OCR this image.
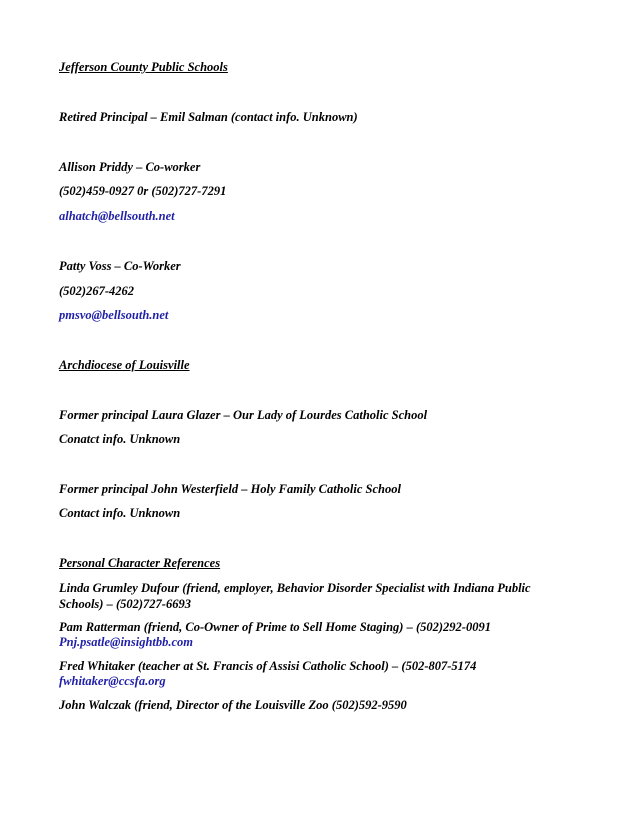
Jefferson County Public Schools
Retired Principal – Emil Salman (contact info. Unknown)
Allison Priddy – Co-worker
(502)459-0927 0r (502)727-7291
alhatch@bellsouth.net
Patty Voss – Co-Worker
(502)267-4262
pmsvo@bellsouth.net
Archdiocese of Louisville
Former principal Laura Glazer – Our Lady of Lourdes Catholic School
Conatct info. Unknown
Former principal John Westerfield – Holy Family Catholic School
Contact info. Unknown
Personal Character References
Linda Grumley Dufour (friend, employer, Behavior Disorder Specialist with Indiana Public Schools) – (502)727-6693
Pam Ratterman (friend, Co-Owner of Prime to Sell Home Staging) – (502)292-0091
Pnj.psatle@insightbb.com
Fred Whitaker (teacher at St. Francis of Assisi Catholic School) – (502-807-5174
fwhitaker@ccsfa.org
John Walczak (friend, Director of the Louisville Zoo (502)592-9590
